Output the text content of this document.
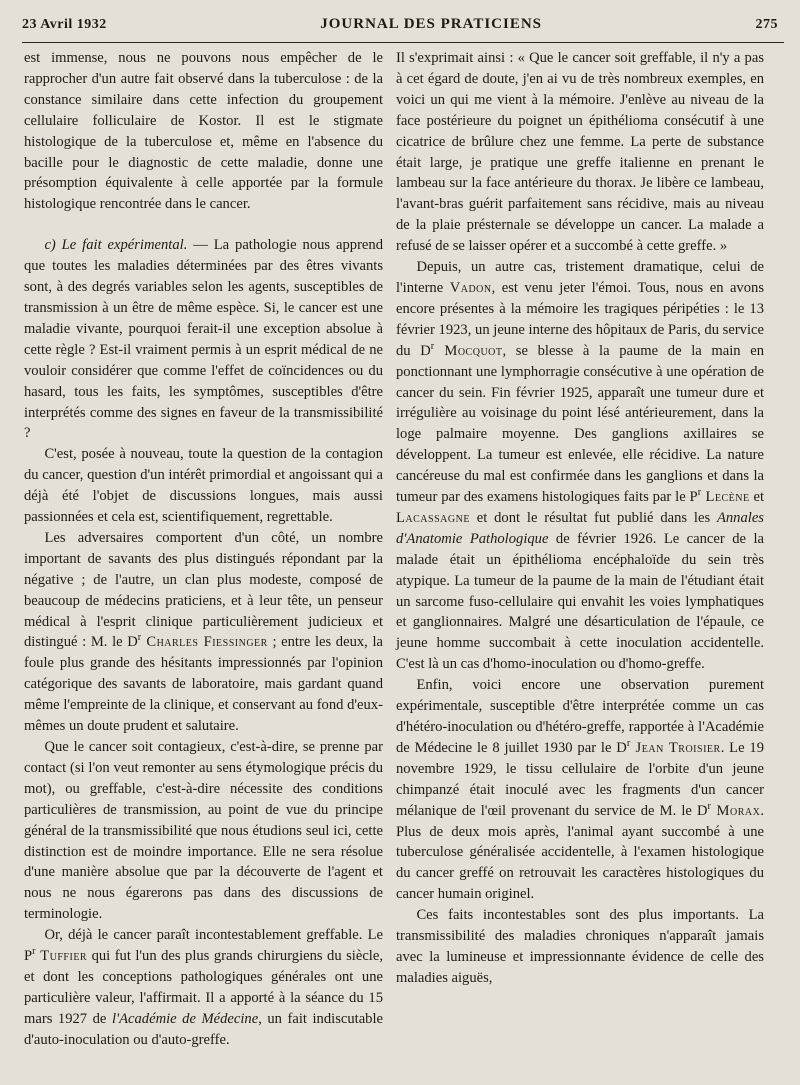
23 Avril 1932	JOURNAL DES PRATICIENS	275

est immense, nous ne pouvons nous empêcher de le rapprocher d'un autre fait observé dans la tuberculose : de la constance similaire dans cette infection du groupement cellulaire folliculaire de Kostor. Il est le stigmate histologique de la tuberculose et, même en l'absence du bacille pour le diagnostic de cette maladie, donne une présomption équivalente à celle apportée par la formule histologique rencontrée dans le cancer.

c) Le fait expérimental. — La pathologie nous apprend que toutes les maladies déterminées par des êtres vivants sont, à des degrés variables selon les agents, susceptibles de transmission à un être de même espèce. Si, le cancer est une maladie vivante, pourquoi ferait-il une exception absolue à cette règle ? Est-il vraiment permis à un esprit médical de ne vouloir considérer que comme l'effet de coïncidences ou du hasard, tous les faits, les symptômes, susceptibles d'être interprétés comme des signes en faveur de la transmissibilité ?

C'est, posée à nouveau, toute la question de la contagion du cancer, question d'un intérêt primordial et angoissant qui a déjà été l'objet de discussions longues, mais aussi passionnées et cela est, scientifiquement, regrettable.

Les adversaires comportent d'un côté, un nombre important de savants des plus distingués répondant par la négative ; de l'autre, un clan plus modeste, composé de beaucoup de médecins praticiens, et à leur tête, un penseur médical à l'esprit clinique particulièrement judicieux et distingué : M. le $D^r$ Charles Fiessinger ; entre les deux, la foule plus grande des hésitants impressionnés par l'opinion catégorique des savants de laboratoire, mais gardant quand même l'empreinte de la clinique, et conservant au fond d'eux-mêmes un doute prudent et salutaire.

Que le cancer soit contagieux, c'est-à-dire, se prenne par contact (si l'on veut remonter au sens étymologique précis du mot), ou greffable, c'est-à-dire nécessite des conditions particulières de transmission, au point de vue du principe général de la transmissibilité que nous étudions seul ici, cette distinction est de moindre importance. Elle ne sera résolue d'une manière absolue que par la découverte de l'agent et nous ne nous égarerons pas dans des discussions de terminologie.

Or, déjà le cancer paraît incontestablement greffable. Le $P^r$ Tuffier qui fut l'un des plus grands chirurgiens du siècle, et dont les conceptions pathologiques générales ont une particulière valeur, l'affirmait. Il a apporté à la séance du 15 mars 1927 de l'Académie de Médecine, un fait indiscutable d'auto-inoculation ou d'auto-greffe.

Il s'exprimait ainsi : « Que le cancer soit greffable, il n'y a pas à cet égard de doute, j'en ai vu de très nombreux exemples, en voici un qui me vient à la mémoire. J'enlève au niveau de la face postérieure du poignet un épithélioma consécutif à une cicatrice de brûlure chez une femme. La perte de substance était large, je pratique une greffe italienne en prenant le lambeau sur la face antérieure du thorax. Je libère ce lambeau, l'avant-bras guérit parfaitement sans récidive, mais au niveau de la plaie présternale se développe un cancer. La malade a refusé de se laisser opérer et a succombé à cette greffe. »

Depuis, un autre cas, tristement dramatique, celui de l'interne Vadon, est venu jeter l'émoi. Tous, nous en avons encore présentes à la mémoire les tragiques péripéties : le 13 février 1923, un jeune interne des hôpitaux de Paris, du service du $D^r$ Mocquot, se blesse à la paume de la main en ponctionnant une lymphorragie consécutive à une opération de cancer du sein. Fin février 1925, apparaît une tumeur dure et irrégulière au voisinage du point lésé antérieurement, dans la loge palmaire moyenne. Des ganglions axillaires se développent. La tumeur est enlevée, elle récidive. La nature cancéreuse du mal est confirmée dans les ganglions et dans la tumeur par des examens histologiques faits par le $P^r$ Lecène et Lacassagne et dont le résultat fut publié dans les Annales d'Anatomie Pathologique de février 1926. Le cancer de la malade était un épithélioma encéphaloïde du sein très atypique. La tumeur de la paume de la main de l'étudiant était un sarcome fuso-cellulaire qui envahit les voies lymphatiques et ganglionnaires. Malgré une désarticulation de l'épaule, ce jeune homme succombait à cette inoculation accidentelle. C'est là un cas d'homo-inoculation ou d'homo-greffe.

Enfin, voici encore une observation purement expérimentale, susceptible d'être interprétée comme un cas d'hétéro-inoculation ou d'hétéro-greffe, rapportée à l'Académie de Médecine le 8 juillet 1930 par le $D^r$ Jean Troisier. Le 19 novembre 1929, le tissu cellulaire de l'orbite d'un jeune chimpanzé était inoculé avec les fragments d'un cancer mélanique de l'œil provenant du service de M. le $D^r$ Morax. Plus de deux mois après, l'animal ayant succombé à une tuberculose généralisée accidentelle, à l'examen histologique du cancer greffé on retrouvait les caractères histologiques du cancer humain originel.

Ces faits incontestables sont des plus importants. La transmissibilité des maladies chroniques n'apparaît jamais avec la lumineuse et impressionnante évidence de celle des maladies aiguës,
